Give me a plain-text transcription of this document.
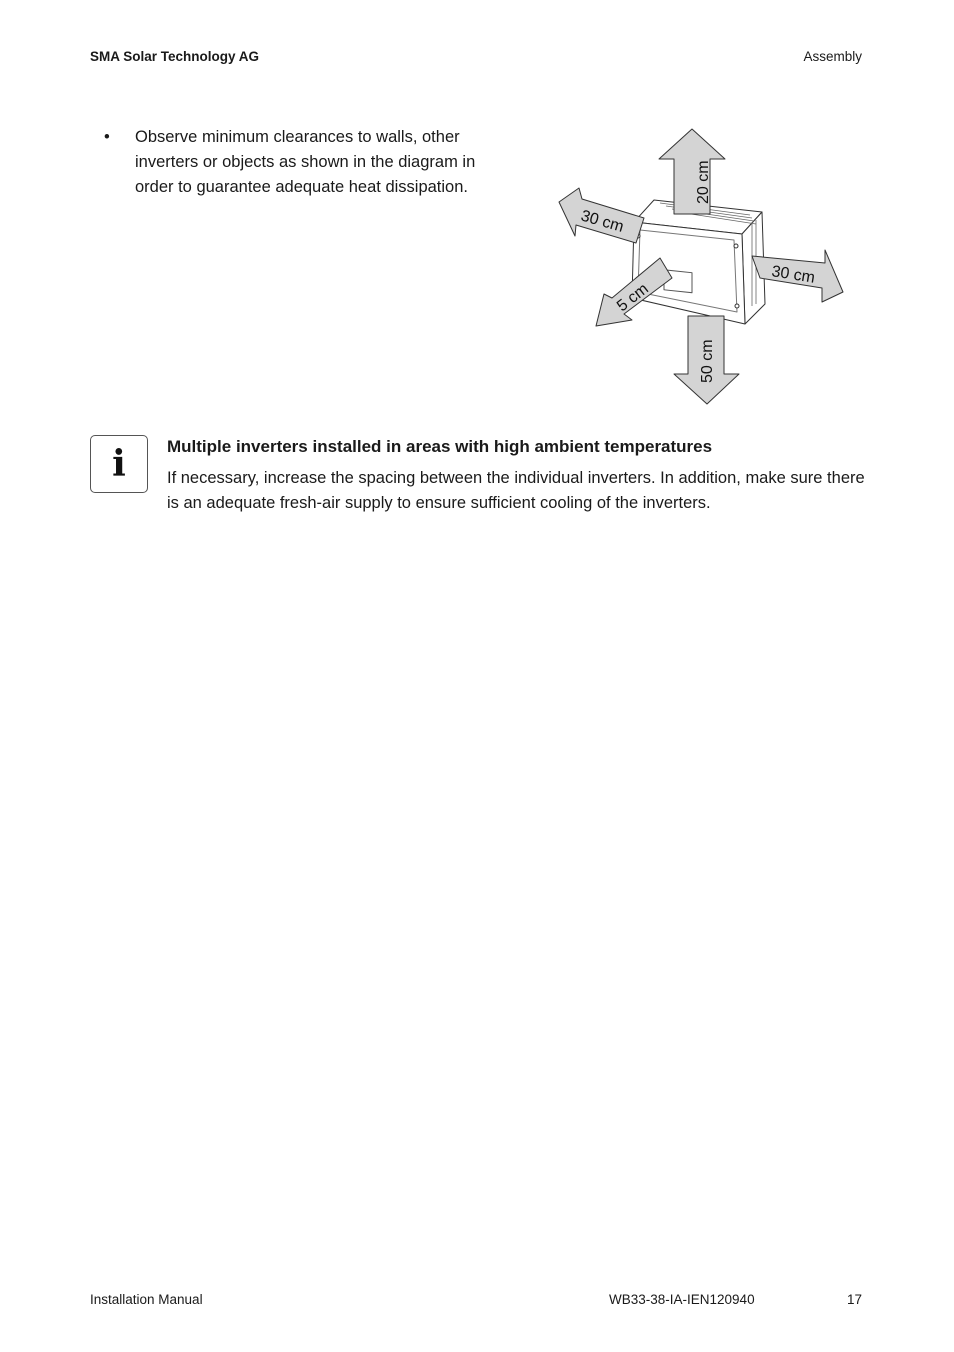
SMA Solar Technology AG	Assembly
• Observe minimum clearances to walls, other inverters or objects as shown in the diagram in order to guarantee adequate heat dissipation.	20 cm
30 cm
30 cm
5 cm
50 cm
i	Multiple inverters installed in areas with high ambient temperatures
If necessary, increase the spacing between the individual inverters. In addition, make sure there is an adequate fresh-air supply to ensure sufficient cooling of the inverters.
Installation Manual	WB33-38-IA-IEN120940	17
